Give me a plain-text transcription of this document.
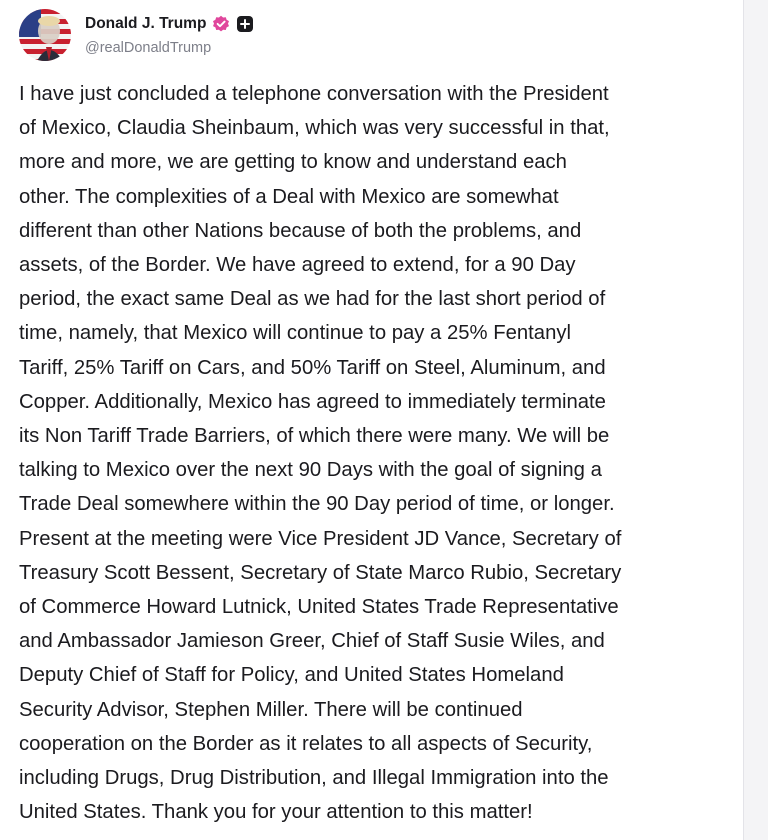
Donald J. Trump
@realDonaldTrump

I have just concluded a telephone conversation with the President
of Mexico, Claudia Sheinbaum, which was very successful in that,
more and more, we are getting to know and understand each
other. The complexities of a Deal with Mexico are somewhat
different than other Nations because of both the problems, and
assets, of the Border. We have agreed to extend, for a 90 Day
period, the exact same Deal as we had for the last short period of
time, namely, that Mexico will continue to pay a 25% Fentanyl
Tariff, 25% Tariff on Cars, and 50% Tariff on Steel, Aluminum, and
Copper. Additionally, Mexico has agreed to immediately terminate
its Non Tariff Trade Barriers, of which there were many. We will be
talking to Mexico over the next 90 Days with the goal of signing a
Trade Deal somewhere within the 90 Day period of time, or longer.
Present at the meeting were Vice President JD Vance, Secretary of
Treasury Scott Bessent, Secretary of State Marco Rubio, Secretary
of Commerce Howard Lutnick, United States Trade Representative
and Ambassador Jamieson Greer, Chief of Staff Susie Wiles, and
Deputy Chief of Staff for Policy, and United States Homeland
Security Advisor, Stephen Miller. There will be continued
cooperation on the Border as it relates to all aspects of Security,
including Drugs, Drug Distribution, and Illegal Immigration into the
United States. Thank you for your attention to this matter!
